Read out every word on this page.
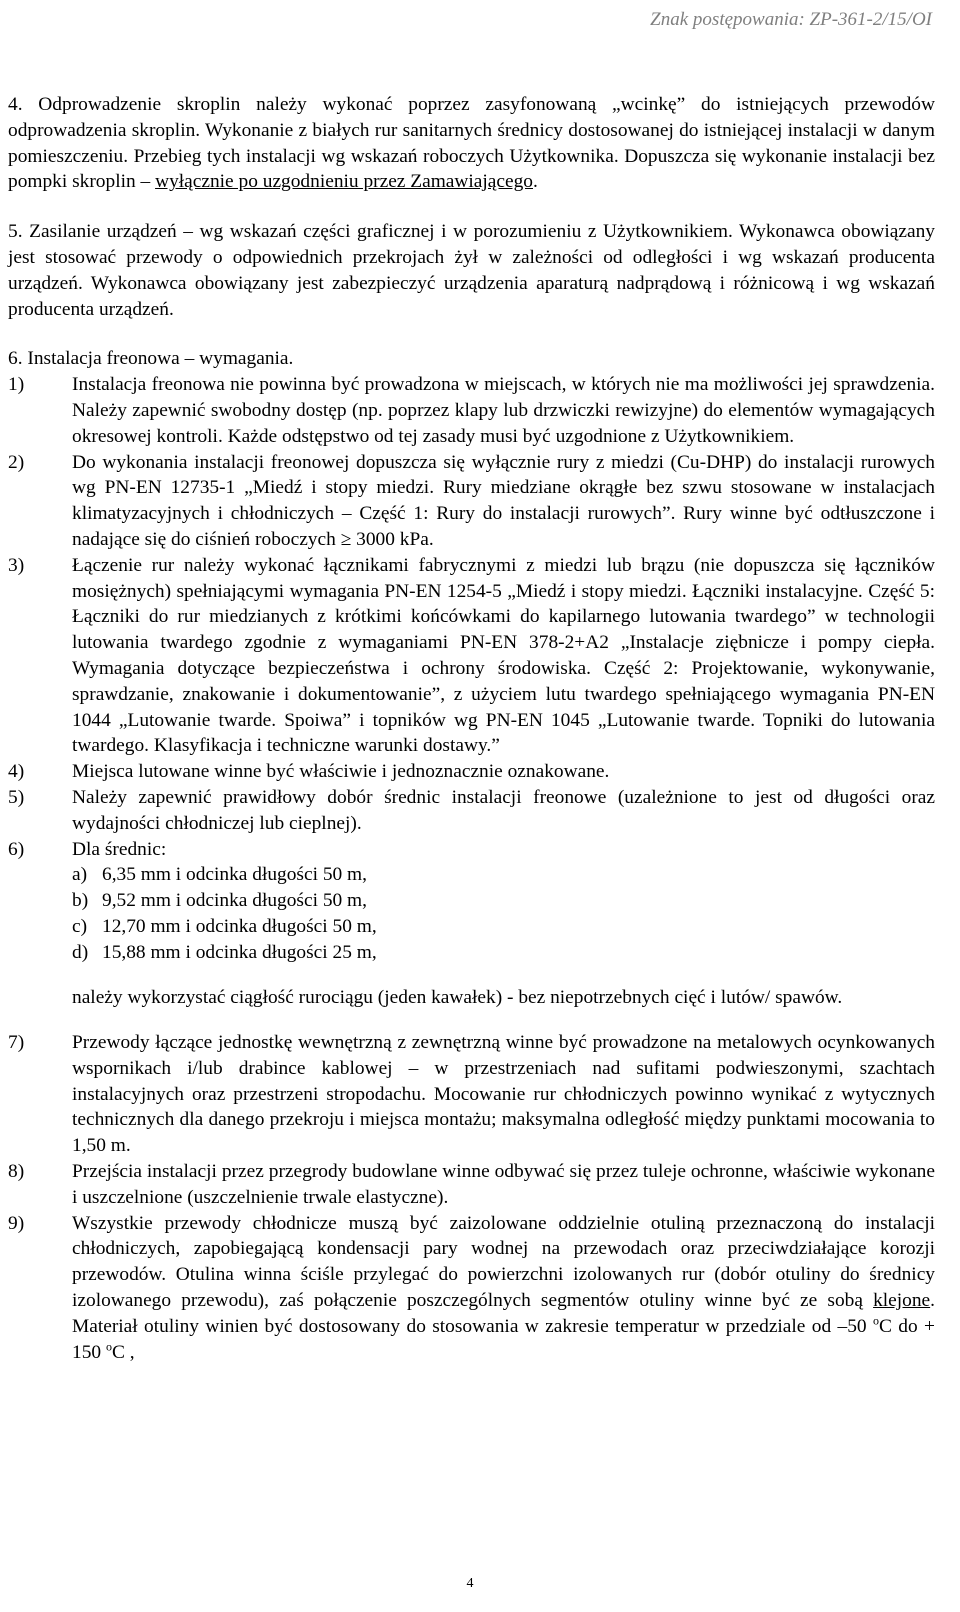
Znak postępowania: ZP-361-2/15/OI

4. Odprowadzenie skroplin należy wykonać poprzez zasyfonowaną „wcinkę” do istniejących przewodów odprowadzenia skroplin. Wykonanie z białych rur sanitarnych średnicy dostosowanej do istniejącej instalacji w danym pomieszczeniu. Przebieg tych instalacji wg wskazań roboczych Użytkownika. Dopuszcza się wykonanie instalacji bez pompki skroplin – wyłącznie po uzgodnieniu przez Zamawiającego.

5. Zasilanie urządzeń – wg wskazań części graficznej i w porozumieniu z Użytkownikiem. Wykonawca obowiązany jest stosować przewody o odpowiednich przekrojach żył w zależności od odległości i wg wskazań producenta urządzeń. Wykonawca obowiązany jest zabezpieczyć urządzenia aparaturą nadprądową i różnicową i wg wskazań producenta urządzeń.

6. Instalacja freonowa – wymagania.

1)	Instalacja freonowa nie powinna być prowadzona w miejscach, w których nie ma możliwości jej sprawdzenia. Należy zapewnić swobodny dostęp (np. poprzez klapy lub drzwiczki rewizyjne) do elementów wymagających okresowej kontroli. Każde odstępstwo od tej zasady musi być uzgodnione z Użytkownikiem.
2)	Do wykonania instalacji freonowej dopuszcza się wyłącznie rury z miedzi (Cu-DHP) do instalacji rurowych wg PN-EN 12735-1 „Miedź i stopy miedzi. Rury miedziane okrągłe bez szwu stosowane w instalacjach klimatyzacyjnych i chłodniczych – Część 1: Rury do instalacji rurowych”. Rury winne być odtłuszczone i nadające się do ciśnień roboczych ≥ 3000 kPa.
3)	Łączenie rur należy wykonać łącznikami fabrycznymi z miedzi lub brązu (nie dopuszcza się łączników mosiężnych) spełniającymi wymagania PN-EN 1254-5 „Miedź i stopy miedzi. Łączniki instalacyjne. Część 5: Łączniki do rur miedzianych z krótkimi końcówkami do kapilarnego lutowania twardego” w technologii lutowania twardego zgodnie z wymaganiami PN-EN 378-2+A2 „Instalacje ziębnicze i pompy ciepła. Wymagania dotyczące bezpieczeństwa i ochrony środowiska. Część 2: Projektowanie, wykonywanie, sprawdzanie, znakowanie i dokumentowanie”, z użyciem lutu twardego spełniającego wymagania PN-EN 1044 „Lutowanie twarde. Spoiwa” i topników wg PN-EN 1045 „Lutowanie twarde. Topniki do lutowania twardego. Klasyfikacja i techniczne warunki dostawy.”
4)	Miejsca lutowane winne być właściwie i jednoznacznie oznakowane.
5)	Należy zapewnić prawidłowy dobór średnic instalacji freonowe (uzależnione to jest od długości oraz wydajności chłodniczej lub cieplnej).
6)	Dla średnic:
a) 6,35 mm i odcinka długości 50 m,
b) 9,52 mm i odcinka długości 50 m,
c) 12,70 mm i odcinka długości 50 m,
d) 15,88 mm i odcinka długości 25 m,

należy wykorzystać ciągłość rurociągu (jeden kawałek) - bez niepotrzebnych cięć i lutów/ spawów.

7)	Przewody łączące jednostkę wewnętrzną z zewnętrzną winne być prowadzone na metalowych ocynkowanych wspornikach i/lub drabince kablowej – w przestrzeniach nad sufitami podwieszonymi, szachtach instalacyjnych oraz przestrzeni stropodachu. Mocowanie rur chłodniczych powinno wynikać z wytycznych technicznych dla danego przekroju i miejsca montażu; maksymalna odległość między punktami mocowania to 1,50 m.
8)	Przejścia instalacji przez przegrody budowlane winne odbywać się przez tuleje ochronne, właściwie wykonane i uszczelnione (uszczelnienie trwale elastyczne).
9)	Wszystkie przewody chłodnicze muszą być zaizolowane oddzielnie otuliną przeznaczoną do instalacji chłodniczych, zapobiegającą kondensacji pary wodnej na przewodach oraz przeciwdziałające korozji przewodów. Otulina winna ściśle przylegać do powierzchni izolowanych rur (dobór otuliny do średnicy izolowanego przewodu), zaś połączenie poszczególnych segmentów otuliny winne być ze sobą klejone. Materiał otuliny winien być dostosowany do stosowania w zakresie temperatur w przedziale od –50 $^o$C do + 150 $^o$C ,
4
